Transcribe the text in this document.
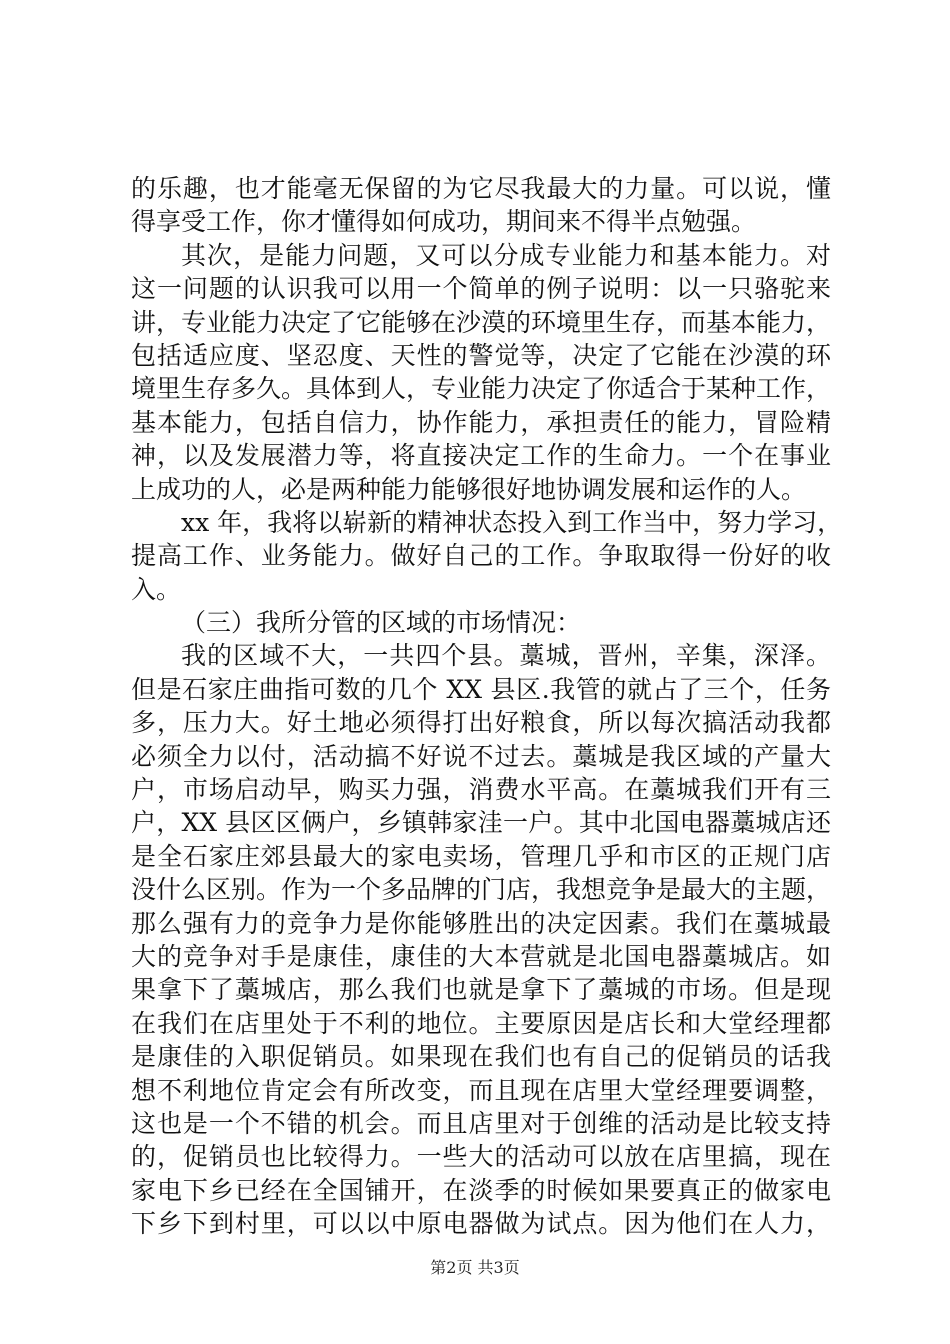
的乐趣，也才能毫无保留的为它尽我最大的力量。可以说，懂
得享受工作，你才懂得如何成功，期间来不得半点勉强。
其次，是能力问题，又可以分成专业能力和基本能力。对
这一问题的认识我可以用一个简单的例子说明：以一只骆驼来
讲，专业能力决定了它能够在沙漠的环境里生存，而基本能力，
包括适应度、坚忍度、天性的警觉等，决定了它能在沙漠的环
境里生存多久。具体到人，专业能力决定了你适合于某种工作，
基本能力，包括自信力，协作能力，承担责任的能力，冒险精
神，以及发展潜力等，将直接决定工作的生命力。一个在事业
上成功的人，必是两种能力能够很好地协调发展和运作的人。
xx 年，我将以崭新的精神状态投入到工作当中，努力学习，
提高工作、业务能力。做好自己的工作。争取取得一份好的收
入。
（三）我所分管的区域的市场情况：
我的区域不大，一共四个县。藁城，晋州，辛集，深泽。
但是石家庄曲指可数的几个 XX 县区.我管的就占了三个，任务
多，压力大。好土地必须得打出好粮食，所以每次搞活动我都
必须全力以付，活动搞不好说不过去。藁城是我区域的产量大
户，市场启动早，购买力强，消费水平高。在藁城我们开有三
户，XX 县区区俩户，乡镇韩家洼一户。其中北国电器藁城店还
是全石家庄郊县最大的家电卖场，管理几乎和市区的正规门店
没什么区别。作为一个多品牌的门店，我想竞争是最大的主题，
那么强有力的竞争力是你能够胜出的决定因素。我们在藁城最
大的竞争对手是康佳，康佳的大本营就是北国电器藁城店。如
果拿下了藁城店，那么我们也就是拿下了藁城的市场。但是现
在我们在店里处于不利的地位。主要原因是店长和大堂经理都
是康佳的入职促销员。如果现在我们也有自己的促销员的话我
想不利地位肯定会有所改变，而且现在店里大堂经理要调整，
这也是一个不错的机会。而且店里对于创维的活动是比较支持
的，促销员也比较得力。一些大的活动可以放在店里搞，现在
家电下乡已经在全国铺开，在淡季的时候如果要真正的做家电
下乡下到村里，可以以中原电器做为试点。因为他们在人力，
第2页 共3页
